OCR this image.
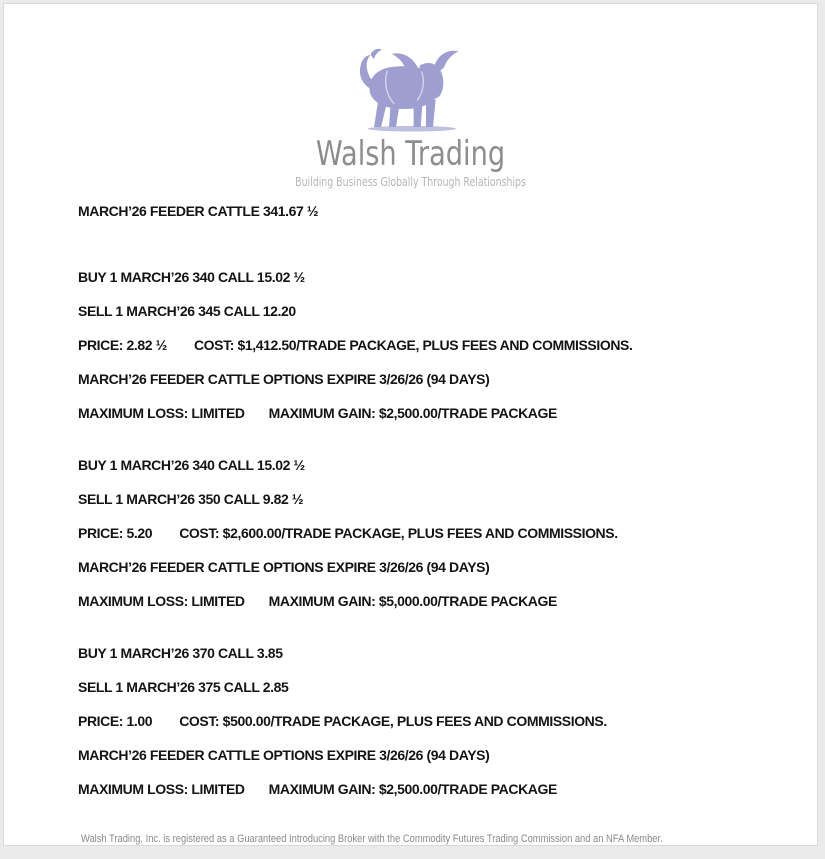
Walsh Trading
Building Business Globally Through Relationships

MARCH’26 FEEDER CATTLE 341.67 ½

BUY 1 MARCH’26 340 CALL 15.02 ½

SELL 1 MARCH’26 345 CALL 12.20

PRICE: 2.82 ½ COST: $1,412.50/TRADE PACKAGE, PLUS FEES AND COMMISSIONS.

MARCH’26 FEEDER CATTLE OPTIONS EXPIRE 3/26/26 (94 DAYS)

MAXIMUM LOSS: LIMITED MAXIMUM GAIN: $2,500.00/TRADE PACKAGE

BUY 1 MARCH’26 340 CALL 15.02 ½

SELL 1 MARCH’26 350 CALL 9.82 ½

PRICE: 5.20 COST: $2,600.00/TRADE PACKAGE, PLUS FEES AND COMMISSIONS.

MARCH’26 FEEDER CATTLE OPTIONS EXPIRE 3/26/26 (94 DAYS)

MAXIMUM LOSS: LIMITED MAXIMUM GAIN: $5,000.00/TRADE PACKAGE

BUY 1 MARCH’26 370 CALL 3.85

SELL 1 MARCH’26 375 CALL 2.85

PRICE: 1.00 COST: $500.00/TRADE PACKAGE, PLUS FEES AND COMMISSIONS.

MARCH’26 FEEDER CATTLE OPTIONS EXPIRE 3/26/26 (94 DAYS)

MAXIMUM LOSS: LIMITED MAXIMUM GAIN: $2,500.00/TRADE PACKAGE

Walsh Trading, Inc. is registered as a Guaranteed Introducing Broker with the Commodity Futures Trading Commission and an NFA Member.
